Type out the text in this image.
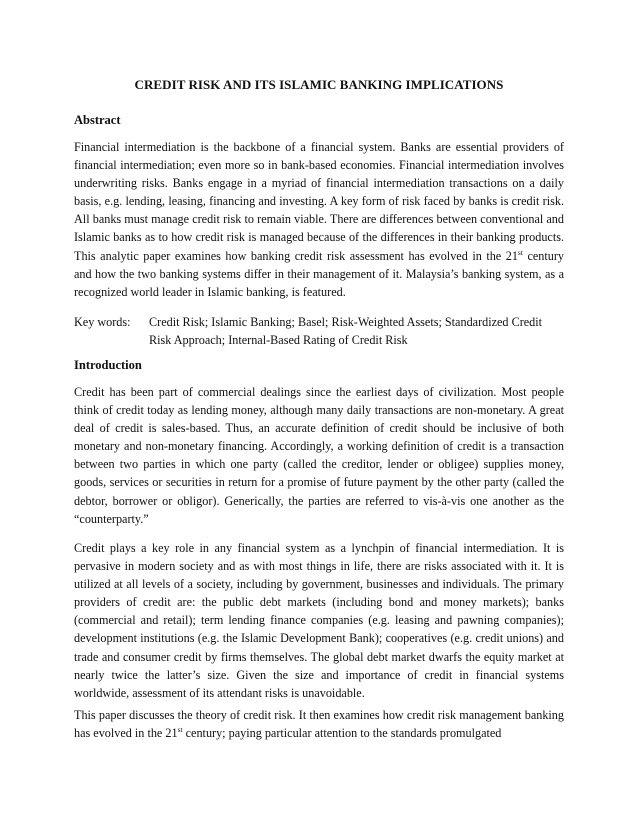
CREDIT RISK AND ITS ISLAMIC BANKING IMPLICATIONS
Abstract

Financial intermediation is the backbone of a financial system. Banks are essential providers of financial intermediation; even more so in bank-based economies. Financial intermediation involves underwriting risks. Banks engage in a myriad of financial intermediation transactions on a daily basis, e.g. lending, leasing, financing and investing. A key form of risk faced by banks is credit risk. All banks must manage credit risk to remain viable. There are differences between conventional and Islamic banks as to how credit risk is managed because of the differences in their banking products. This analytic paper examines how banking credit risk assessment has evolved in the 21st century and how the two banking systems differ in their management of it. Malaysia’s banking system, as a recognized world leader in Islamic banking, is featured.

Key words:	Credit Risk; Islamic Banking; Basel; Risk-Weighted Assets; Standardized Credit Risk Approach; Internal-Based Rating of Credit Risk
Introduction

Credit has been part of commercial dealings since the earliest days of civilization. Most people think of credit today as lending money, although many daily transactions are non-monetary. A great deal of credit is sales-based. Thus, an accurate definition of credit should be inclusive of both monetary and non-monetary financing. Accordingly, a working definition of credit is a transaction between two parties in which one party (called the creditor, lender or obligee) supplies money, goods, services or securities in return for a promise of future payment by the other party (called the debtor, borrower or obligor). Generically, the parties are referred to vis-à-vis one another as the “counterparty.”

Credit plays a key role in any financial system as a lynchpin of financial intermediation. It is pervasive in modern society and as with most things in life, there are risks associated with it. It is utilized at all levels of a society, including by government, businesses and individuals. The primary providers of credit are: the public debt markets (including bond and money markets); banks (commercial and retail); term lending finance companies (e.g. leasing and pawning companies); development institutions (e.g. the Islamic Development Bank); cooperatives (e.g. credit unions) and trade and consumer credit by firms themselves. The global debt market dwarfs the equity market at nearly twice the latter’s size. Given the size and importance of credit in financial systems worldwide, assessment of its attendant risks is unavoidable.

This paper discusses the theory of credit risk. It then examines how credit risk management banking has evolved in the 21st century; paying particular attention to the standards promulgated
